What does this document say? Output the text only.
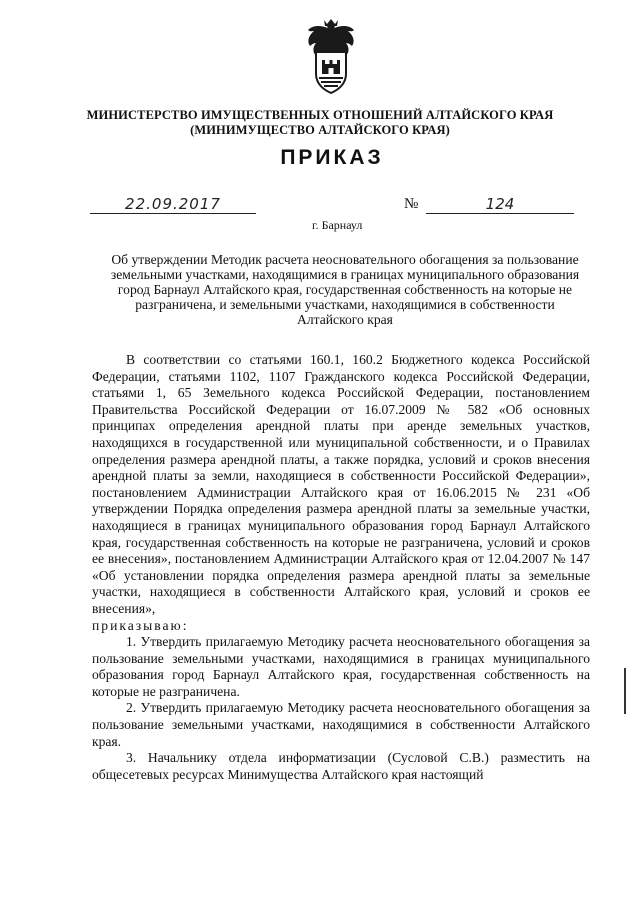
МИНИСТЕРСТВО ИМУЩЕСТВЕННЫХ ОТНОШЕНИЙ АЛТАЙСКОГО КРАЯ
(МИНИМУЩЕСТВО АЛТАЙСКОГО КРАЯ)
ПРИКАЗ
22.09.2017	№	124
г. Барнаул
Об утверждении Методик расчета неосновательного обогащения за пользование земельными участками, находящимися в границах муниципального образования город Барнаул Алтайского края, государственная собственность на которые не разграничена, и земельными участками, находящимися в собственности Алтайского края

В соответствии со статьями 160.1, 160.2 Бюджетного кодекса Российской Федерации, статьями 1102, 1107 Гражданского кодекса Российской Федерации, статьями 1, 65 Земельного кодекса Российской Федерации, постановлением Правительства Российской Федерации от 16.07.2009 № 582 «Об основных принципах определения арендной платы при аренде земельных участков, находящихся в государственной или муниципальной собственности, и о Правилах определения размера арендной платы, а также порядка, условий и сроков внесения арендной платы за земли, находящиеся в собственности Российской Федерации», постановлением Администрации Алтайского края от 16.06.2015 № 231 «Об утверждении Порядка определения размера арендной платы за земельные участки, находящиеся в границах муниципального образования город Барнаул Алтайского края, государственная собственность на которые не разграничена, условий и сроков ее внесения», постановлением Администрации Алтайского края от 12.04.2007 № 147 «Об установлении порядка определения размера арендной платы за земельные участки, находящиеся в собственности Алтайского края, условий и сроков ее внесения»,

приказываю:

1. Утвердить прилагаемую Методику расчета неосновательного обогащения за пользование земельными участками, находящимися в границах муниципального образования город Барнаул Алтайского края, государственная собственность на которые не разграничена.

2. Утвердить прилагаемую Методику расчета неосновательного обогащения за пользование земельными участками, находящимися в собственности Алтайского края.

3. Начальнику отдела информатизации (Сусловой С.В.) разместить на общесетевых ресурсах Минимущества Алтайского края настоящий
